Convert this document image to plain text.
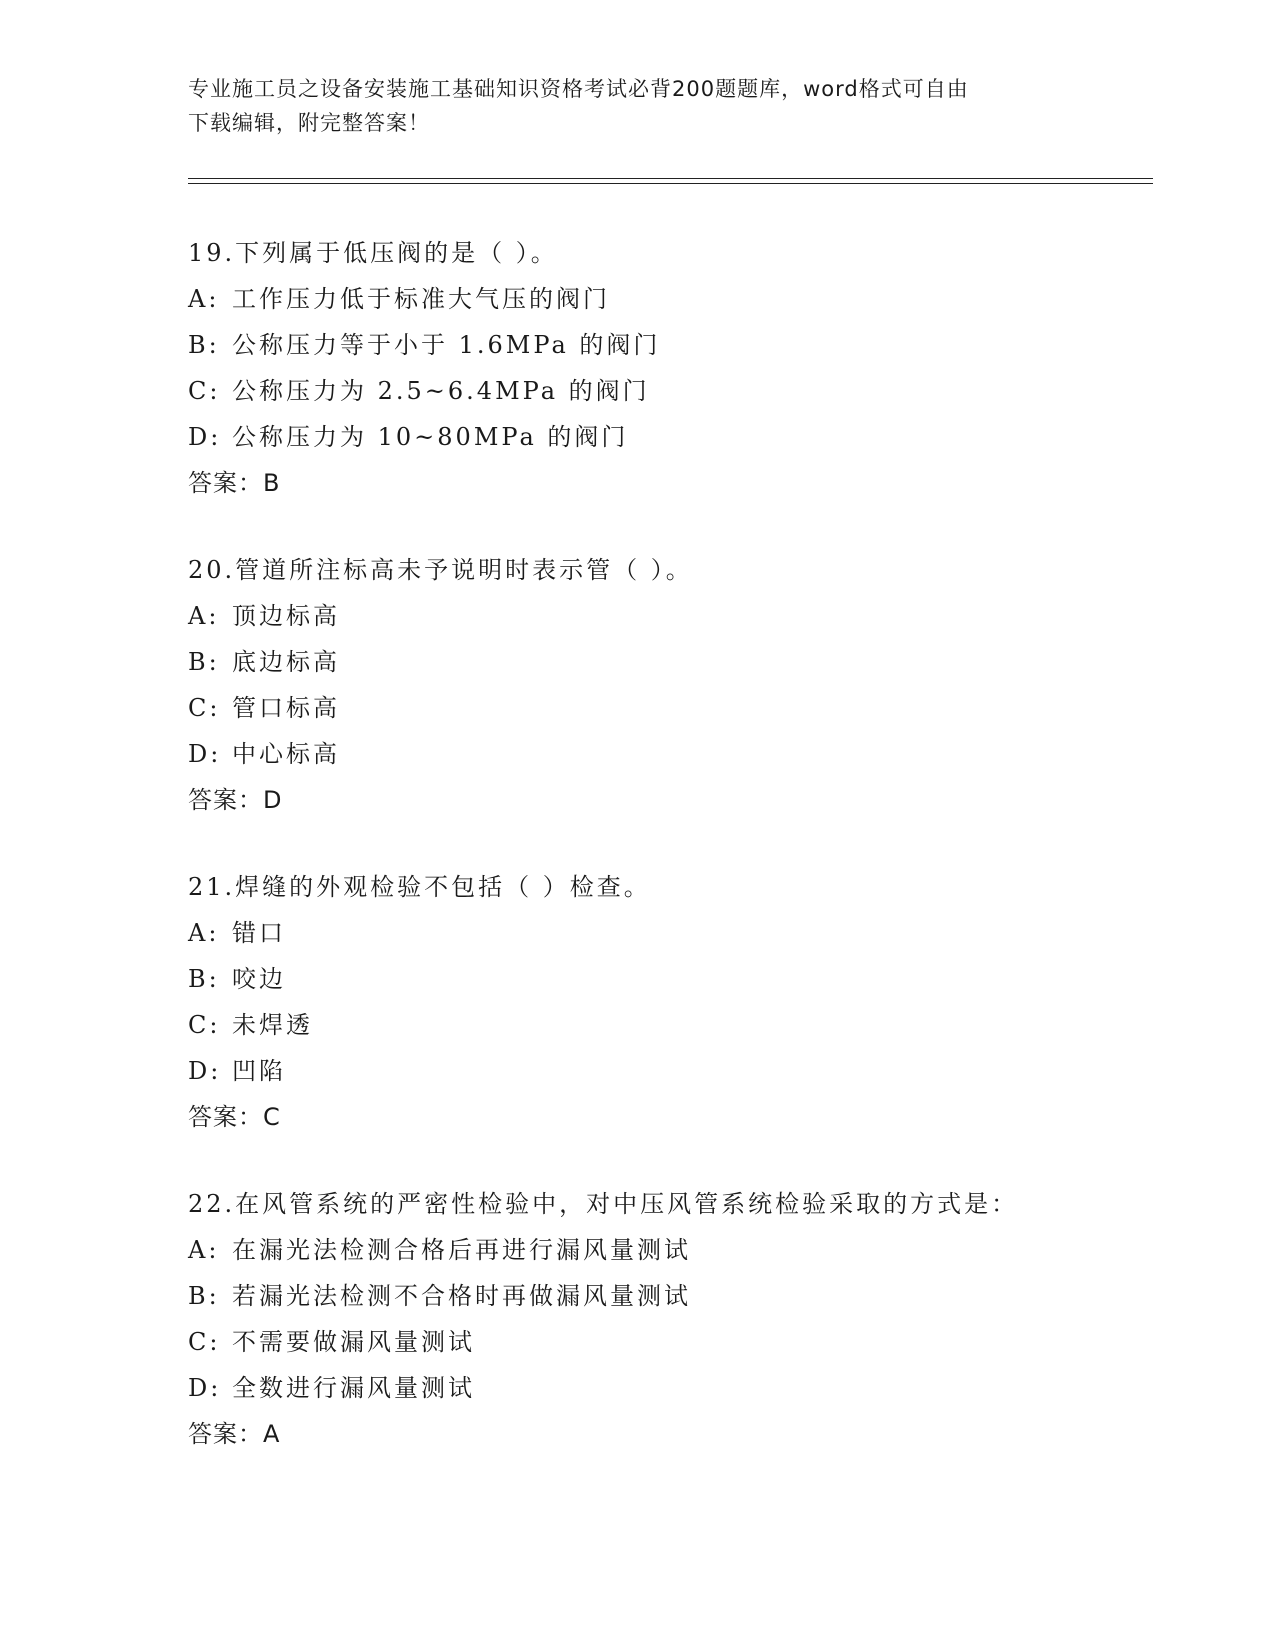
专业施工员之设备安装施工基础知识资格考试必背200题题库，word格式可自由
下载编辑，附完整答案！
19.下列属于低压阀的是（ ）。
A: 工作压力低于标准大气压的阀门
B: 公称压力等于小于 1.6MPa 的阀门
C: 公称压力为 2.5~6.4MPa 的阀门
D: 公称压力为 10~80MPa 的阀门
答案：B
20.管道所注标高未予说明时表示管（ ）。
A: 顶边标高
B: 底边标高
C: 管口标高
D: 中心标高
答案：D
21.焊缝的外观检验不包括（ ）检查。
A: 错口
B: 咬边
C: 未焊透
D: 凹陷
答案：C
22.在风管系统的严密性检验中，对中压风管系统检验采取的方式是：
A: 在漏光法检测合格后再进行漏风量测试
B: 若漏光法检测不合格时再做漏风量测试
C: 不需要做漏风量测试
D: 全数进行漏风量测试
答案：A
